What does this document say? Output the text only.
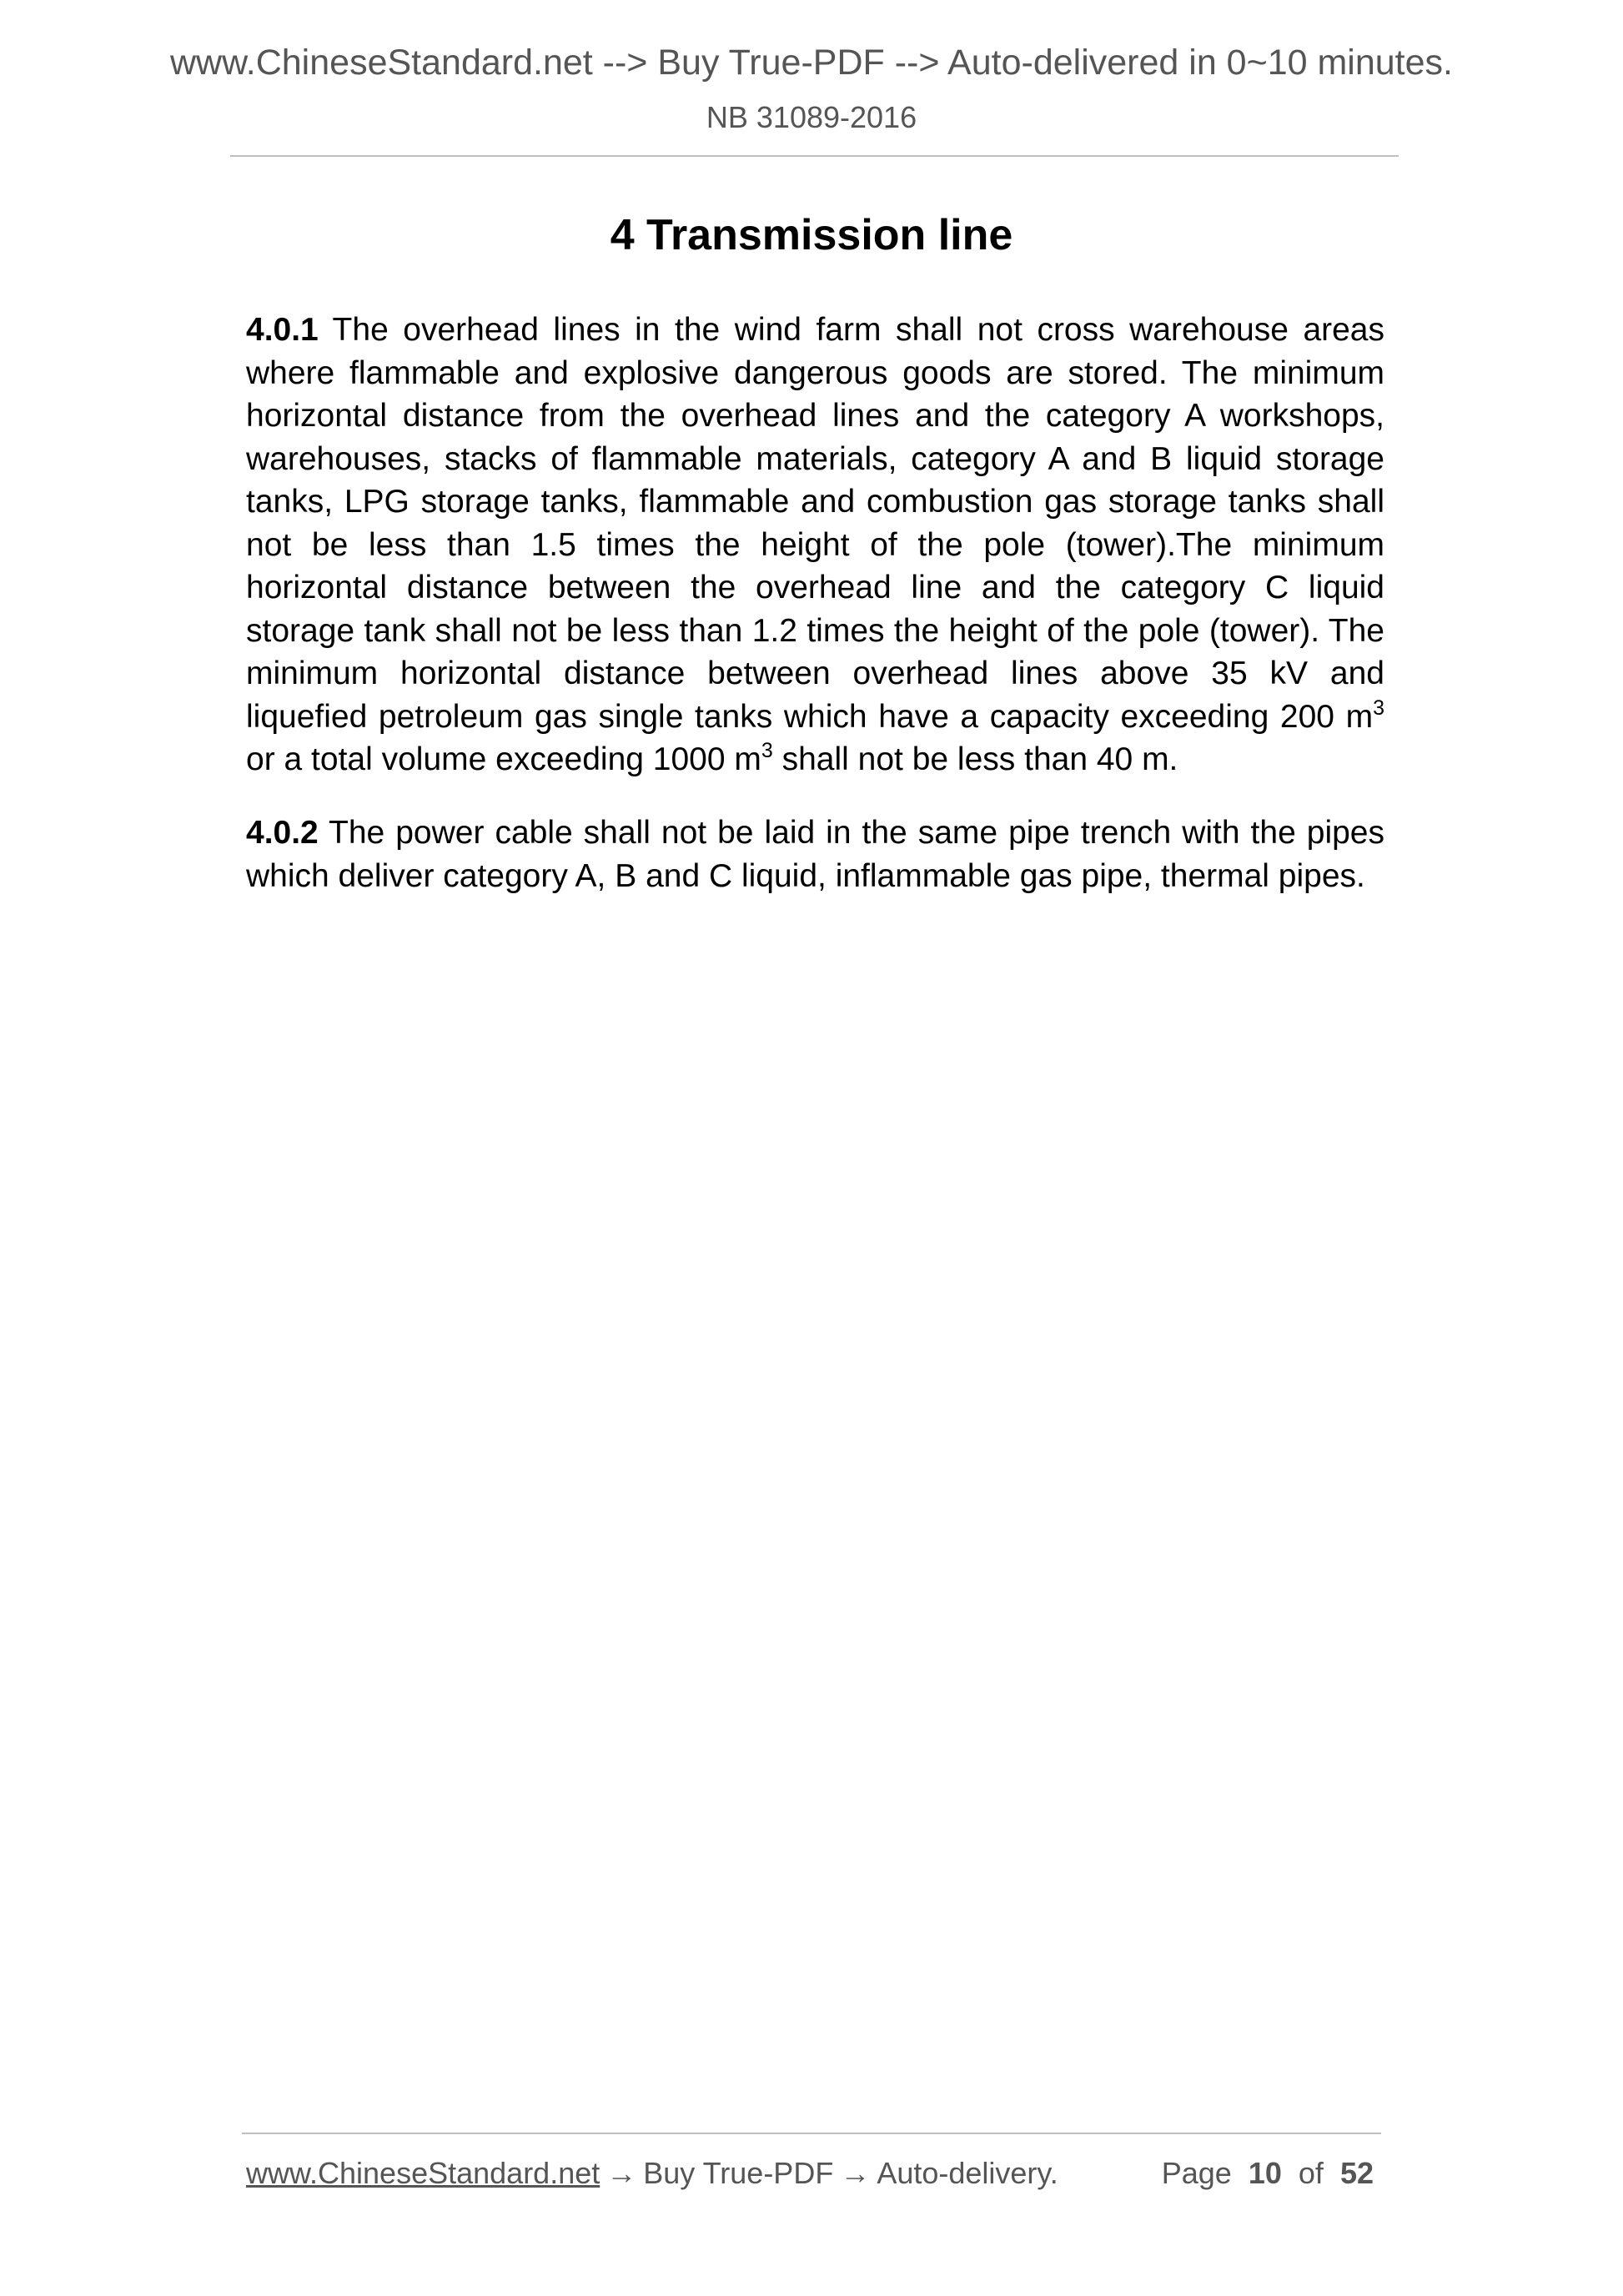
www.ChineseStandard.net --> Buy True-PDF --> Auto-delivered in 0~10 minutes.
NB 31089-2016
4 Transmission line

4.0.1 The overhead lines in the wind farm shall not cross warehouse areas where flammable and explosive dangerous goods are stored. The minimum horizontal distance from the overhead lines and the category A workshops, warehouses, stacks of flammable materials, category A and B liquid storage tanks, LPG storage tanks, flammable and combustion gas storage tanks shall not be less than 1.5 times the height of the pole (tower).The minimum horizontal distance between the overhead line and the category C liquid storage tank shall not be less than 1.2 times the height of the pole (tower). The minimum horizontal distance between overhead lines above 35 kV and liquefied petroleum gas single tanks which have a capacity exceeding 200 $m^3$ or a total volume exceeding 1000 $m^3$ shall not be less than 40 m.

4.0.2 The power cable shall not be laid in the same pipe trench with the pipes which deliver category A, B and C liquid, inflammable gas pipe, thermal pipes.

www.ChineseStandard.net → Buy True-PDF → Auto-delivery.	Page 10 of 52
